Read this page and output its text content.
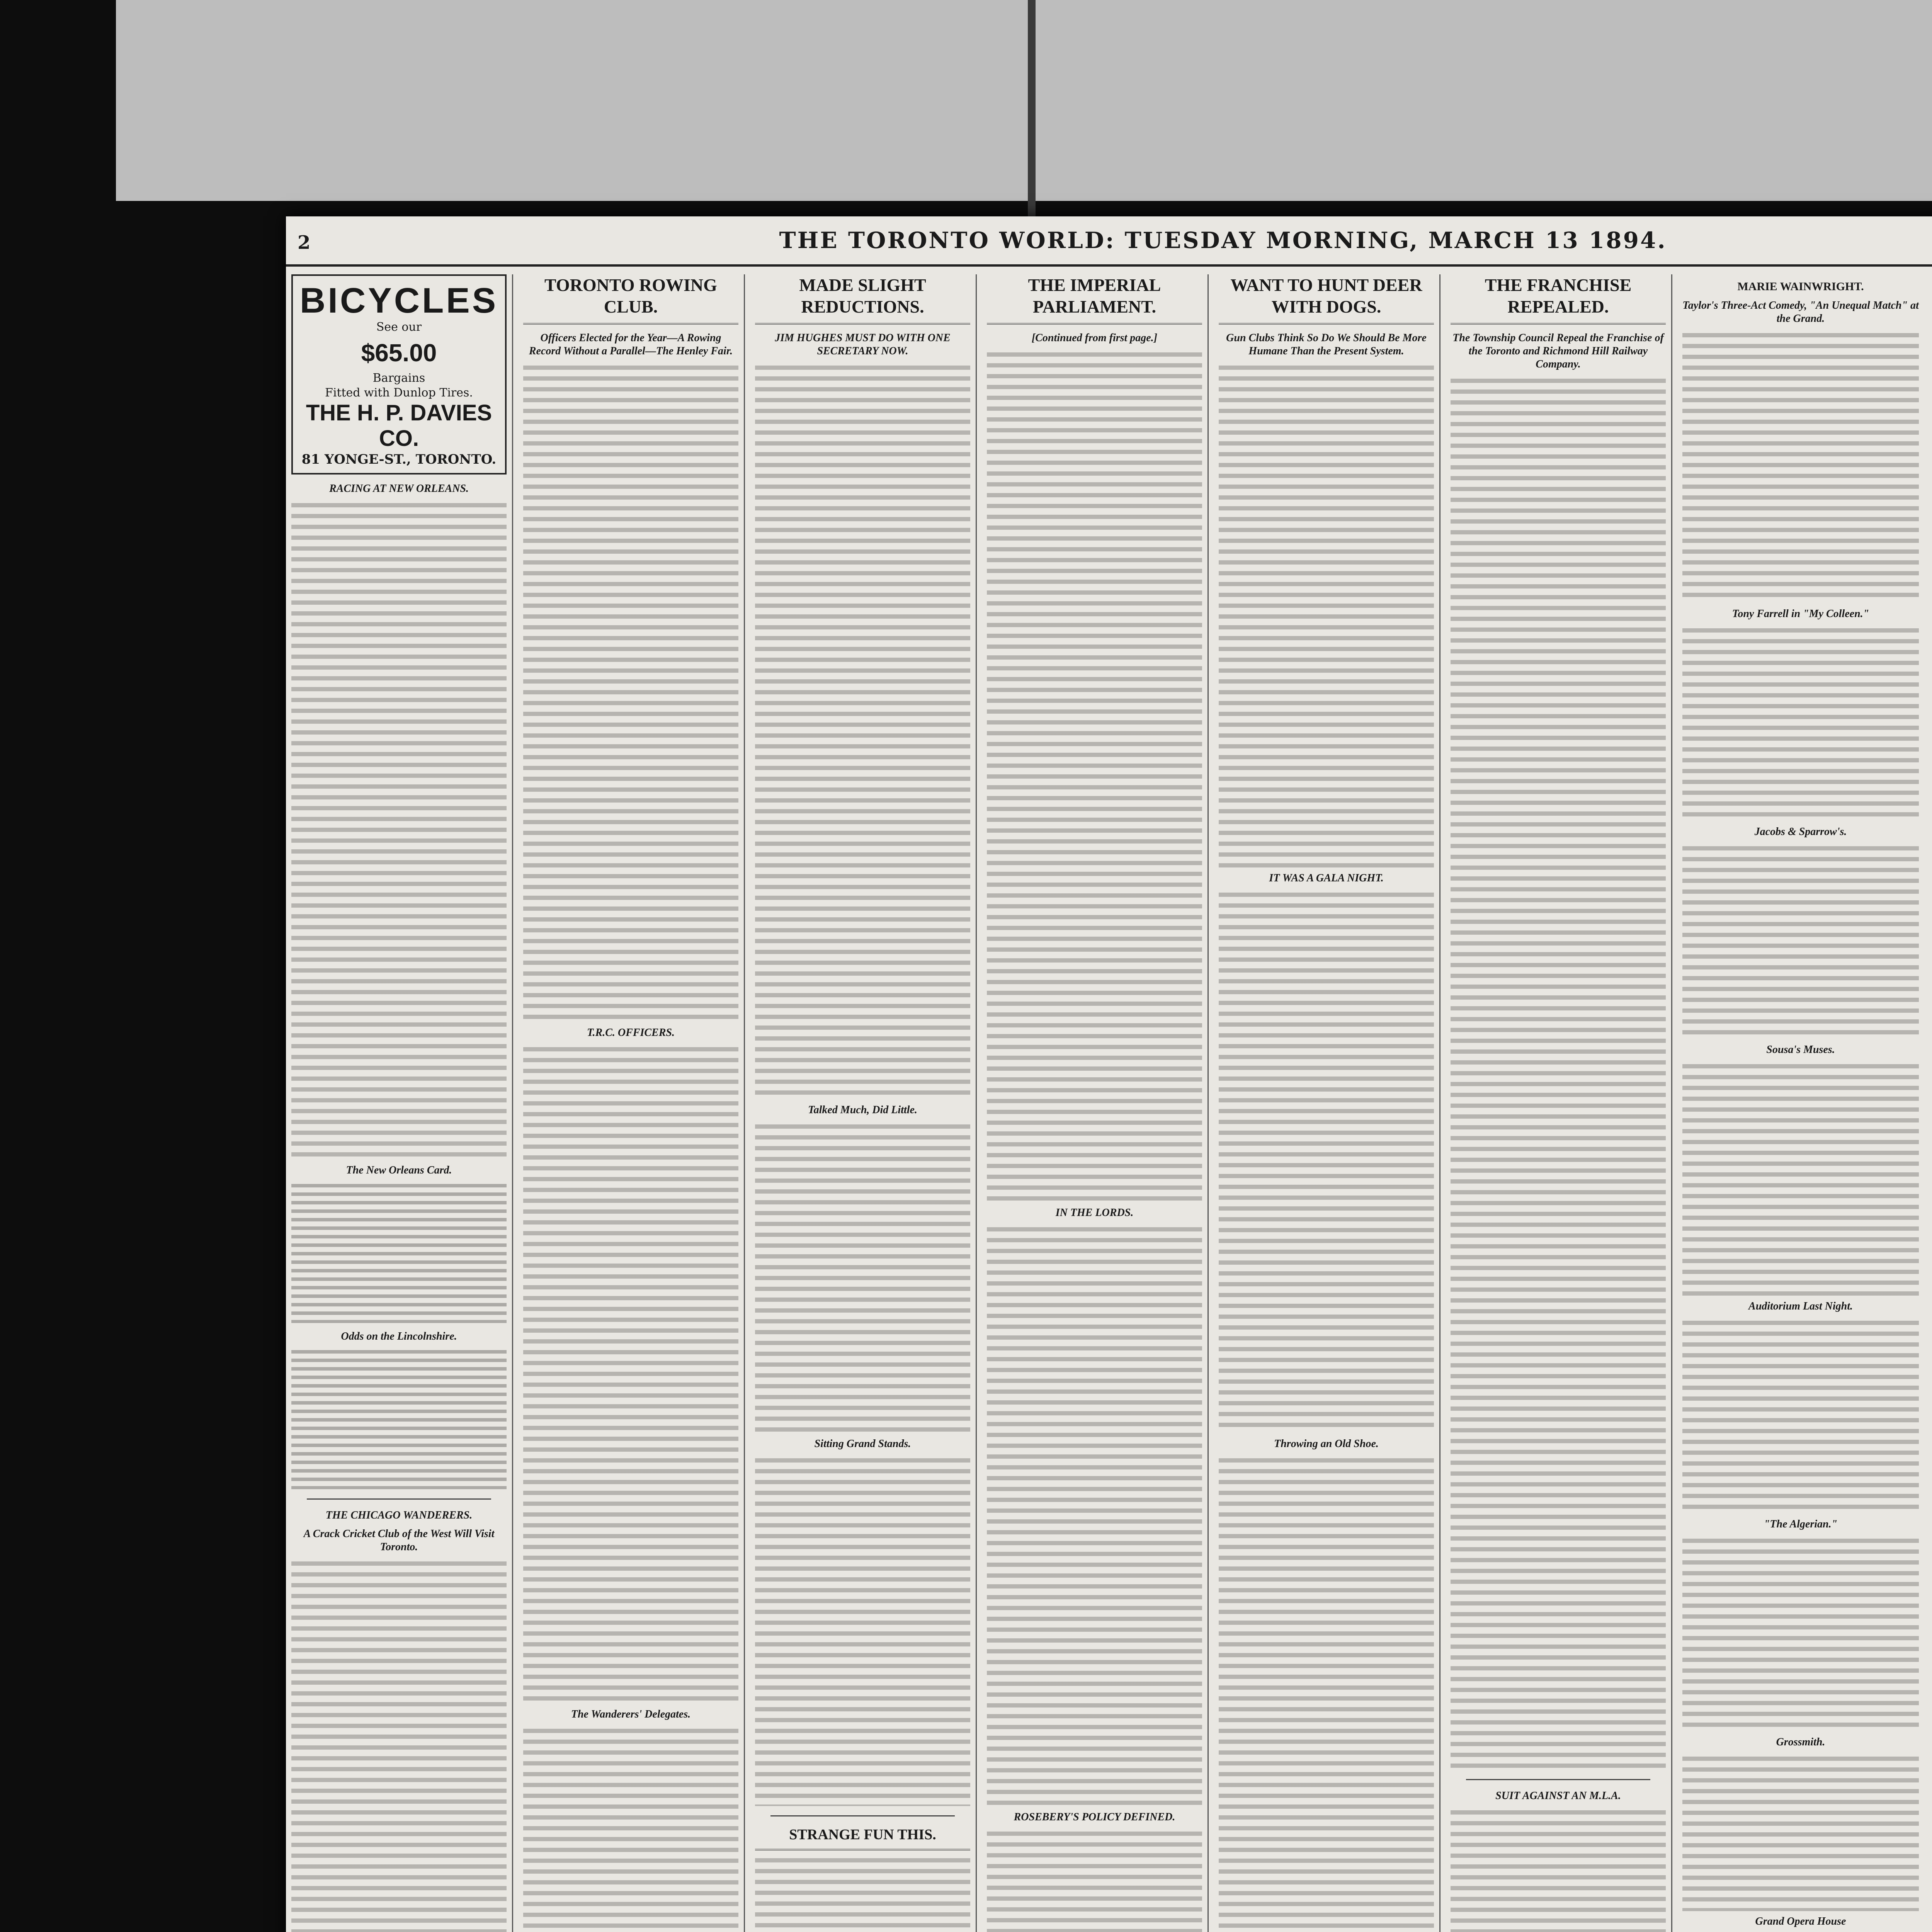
2	THE TORONTO WORLD: TUESDAY MORNING, MARCH 13 1894.
BICYCLES
See our
$65.00
Bargains
Fitted with Dunlop Tires.
THE H. P. DAVIES CO.
81 YONGE-ST., TORONTO.
RACING AT NEW ORLEANS.
The New Orleans Card.
Odds on the Lincolnshire.
THE CHICAGO WANDERERS.
A Crack Cricket Club of the West Will Visit Toronto.
TORONTO ROWING CLUB.
Officers Elected for the Year—A Rowing Record Without a Parallel—The Henley Fair.
T.R.C. OFFICERS.
The Wanderers' Delegates.
MADE SLIGHT REDUCTIONS.
JIM HUGHES MUST DO WITH ONE SECRETARY NOW.
Talked Much, Did Little.
Sitting Grand Stands.
STRANGE FUN THIS.
THE IMPERIAL PARLIAMENT.
[Continued from first page.]
IN THE LORDS.
ROSEBERY'S POLICY DEFINED.
WANT TO HUNT DEER WITH DOGS.
Gun Clubs Think So Do We Should Be More Humane Than the Present System.
IT WAS A GALA NIGHT.
Throwing an Old Shoe.
THE FRANCHISE REPEALED.
The Township Council Repeal the Franchise of the Toronto and Richmond Hill Railway Company.
SUIT AGAINST AN M.L.A.
MARIE WAINWRIGHT.
Taylor's Three-Act Comedy, "An Unequal Match" at the Grand.
Tony Farrell in "My Colleen."
Jacobs & Sparrow's.
Sousa's Muses.
Auditorium Last Night.
"The Algerian."
Grossmith.
Grand Opera House
